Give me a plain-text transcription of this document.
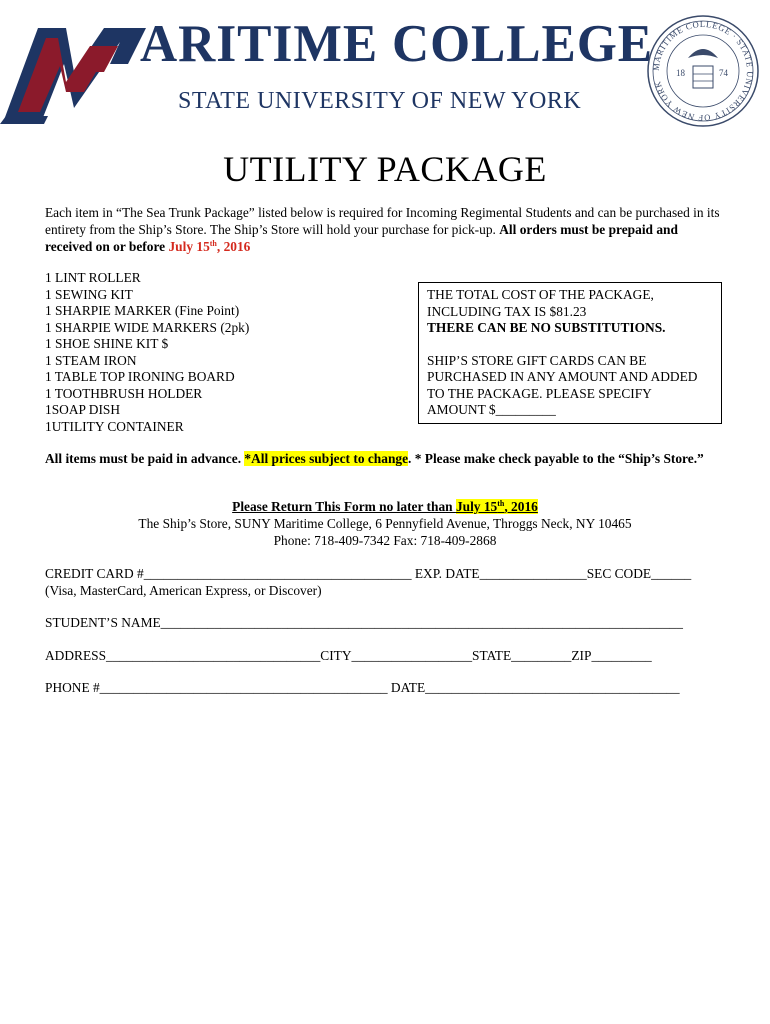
ARITIME COLLEGE
STATE UNIVERSITY OF NEW YORK
MARITIME COLLEGE · STATE UNIVERSITY OF NEW YORK
18	74
UTILITY PACKAGE
Each item in “The Sea Trunk Package” listed below is required for Incoming Regimental Students and can be purchased in its entirety from the Ship’s Store. The Ship’s Store will hold your purchase for pick-up. All orders must be prepaid and received on or before July 15th, 2016
1 LINT ROLLER
1 SEWING KIT
1 SHARPIE MARKER (Fine Point)
1 SHARPIE WIDE MARKERS (2pk)
1 SHOE SHINE KIT $
1 STEAM IRON
1 TABLE TOP IRONING BOARD
1 TOOTHBRUSH HOLDER
1SOAP DISH
1UTILITY CONTAINER
THE TOTAL COST OF THE PACKAGE,
INCLUDING TAX IS $81.23
THERE CAN BE NO SUBSTITUTIONS.
SHIP’S STORE GIFT CARDS CAN BE
PURCHASED IN ANY AMOUNT AND ADDED
TO THE PACKAGE. PLEASE SPECIFY
AMOUNT $_________
All items must be paid in advance. *All prices subject to change. * Please make check payable to the “Ship’s Store.”
Please Return This Form no later than July 15th, 2016
The Ship’s Store, SUNY Maritime College, 6 Pennyfield Avenue, Throggs Neck, NY 10465
Phone: 718-409-7342 Fax: 718-409-2868
CREDIT CARD #________________________________________ EXP. DATE________________SEC CODE______
(Visa, MasterCard, American Express, or Discover)
STUDENT’S NAME______________________________________________________________________________
ADDRESS________________________________CITY__________________STATE_________ZIP_________
PHONE #___________________________________________ DATE______________________________________
